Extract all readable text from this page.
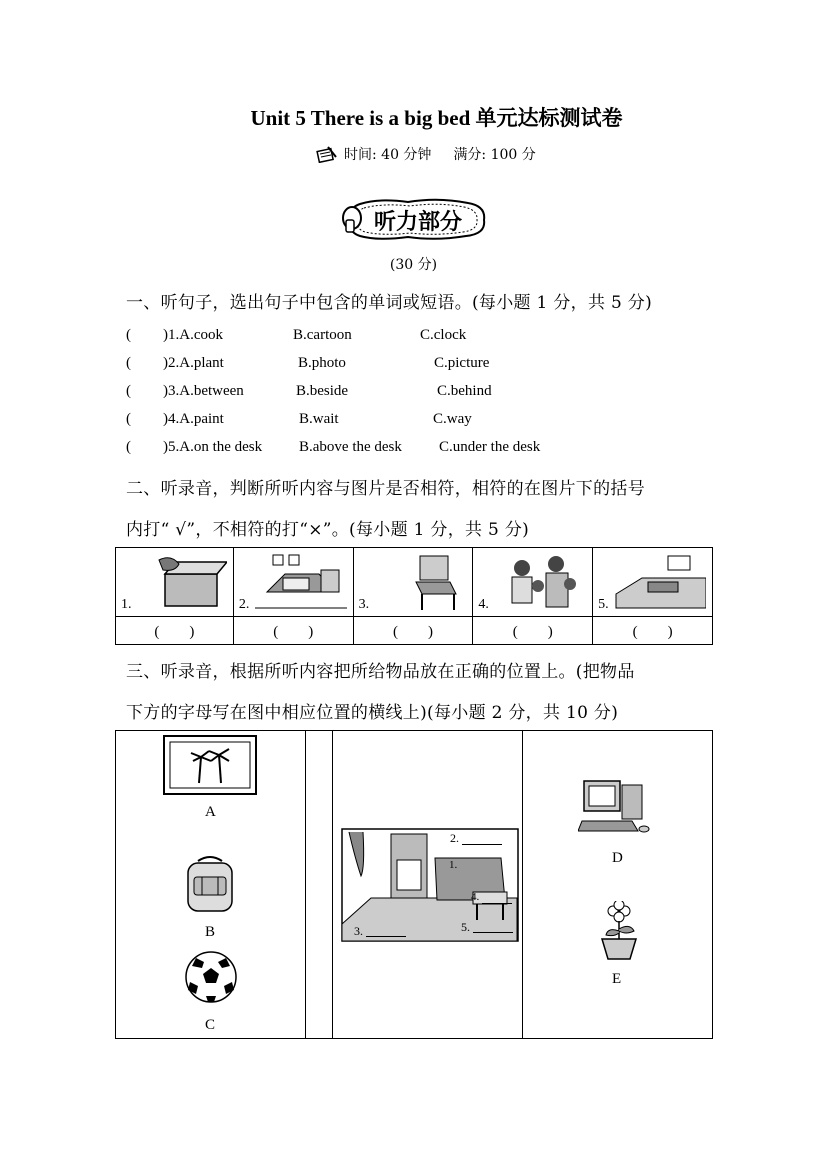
Unit 5 There is a big bed 单元达标测试卷
时间: 40 分钟 满分: 100 分
听力部分
(30 分)
一、听句子，选出句子中包含的单词或短语。(每小题 1 分，共 5 分)
( )1.A.cook	B.cartoon	C.clock
( )2.A.plant	B.photo	C.picture
( )3.A.between	B.beside	C.behind
( )4.A.paint	B.wait	C.way
( )5.A.on the desk B.above the desk C.under the desk
二、听录音，判断所听内容与图片是否相符，相符的在图片下的括号
内打“ √”，不相符的打“×”。(每小题 1 分，共 5 分)
1.	2.	3.	4.	5.

(　　)	(　　)	(　　)	(　　)	(　　)
三、听录音，根据所听内容把所给物品放在正确的位置上。(把物品
下方的字母写在图中相应位置的横线上)(每小题 2 分，共 10 分)
A
B
C
2.
1.
4.
3.	5.
D
E
